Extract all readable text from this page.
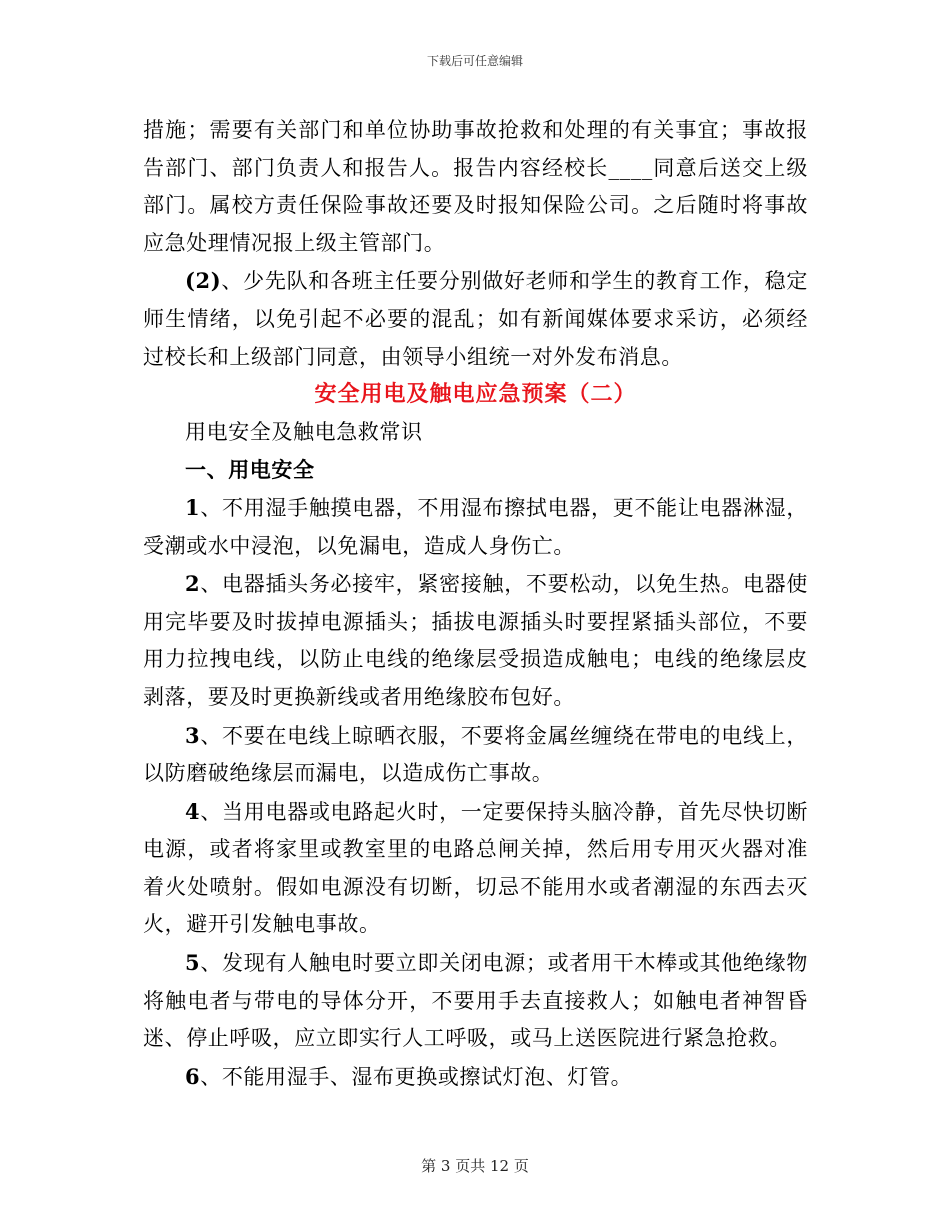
下载后可任意编辑

措施；需要有关部门和单位协助事故抢救和处理的有关事宜；事故报告部门、部门负责人和报告人。报告内容经校长____同意后送交上级部门。属校方责任保险事故还要及时报知保险公司。之后随时将事故应急处理情况报上级主管部门。

(2)、少先队和各班主任要分别做好老师和学生的教育工作，稳定师生情绪，以免引起不必要的混乱；如有新闻媒体要求采访，必须经过校长和上级部门同意，由领导小组统一对外发布消息。

安全用电及触电应急预案（二）

用电安全及触电急救常识

一、用电安全

1、不用湿手触摸电器，不用湿布擦拭电器，更不能让电器淋湿，受潮或水中浸泡，以免漏电，造成人身伤亡。

2、电器插头务必接牢，紧密接触，不要松动，以免生热。电器使用完毕要及时拔掉电源插头；插拔电源插头时要捏紧插头部位，不要用力拉拽电线，以防止电线的绝缘层受损造成触电；电线的绝缘层皮剥落，要及时更换新线或者用绝缘胶布包好。

3、不要在电线上晾晒衣服，不要将金属丝缠绕在带电的电线上，以防磨破绝缘层而漏电，以造成伤亡事故。

4、当用电器或电路起火时，一定要保持头脑冷静，首先尽快切断电源，或者将家里或教室里的电路总闸关掉，然后用专用灭火器对准着火处喷射。假如电源没有切断，切忌不能用水或者潮湿的东西去灭火，避开引发触电事故。

5、发现有人触电时要立即关闭电源；或者用干木棒或其他绝缘物将触电者与带电的导体分开，不要用手去直接救人；如触电者神智昏迷、停止呼吸，应立即实行人工呼吸，或马上送医院进行紧急抢救。

6、不能用湿手、湿布更换或擦试灯泡、灯管。

第 3 页共 12 页
